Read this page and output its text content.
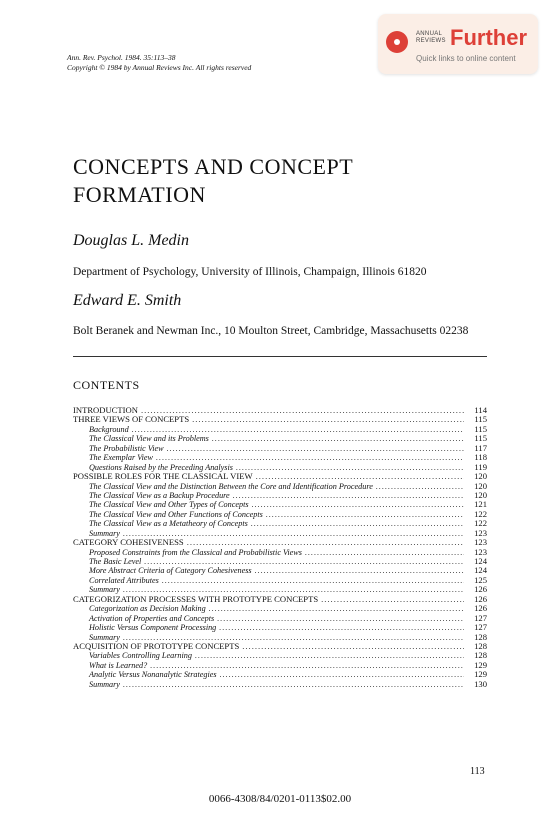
Ann. Rev. Psychol. 1984. 35:113–38
Copyright © 1984 by Annual Reviews Inc. All rights reserved
ANNUAL
REVIEWS Further
Quick links to online content
CONCEPTS AND CONCEPT
FORMATION
Douglas L. Medin
Department of Psychology, University of Illinois, Champaign, Illinois 61820
Edward E. Smith
Bolt Beranek and Newman Inc., 10 Moulton Street, Cambridge, Massachusetts 02238
CONTENTS
INTRODUCTION .....	114
THREE VIEWS OF CONCEPTS .....	115
Background .....	115
The Classical View and its Problems .....	115
The Probabilistic View .....	117
The Exemplar View .....	118
Questions Raised by the Preceding Analysis .....	119
POSSIBLE ROLES FOR THE CLASSICAL VIEW .....	120
The Classical View and the Distinction Between the Core and Identification Procedure .....	120
The Classical View as a Backup Procedure .....	120
The Classical View and Other Types of Concepts .....	121
The Classical View and Other Functions of Concepts .....	122
The Classical View as a Metatheory of Concepts .....	122
Summary .....	123
CATEGORY COHESIVENESS .....	123
Proposed Constraints from the Classical and Probabilistic Views .....	123
The Basic Level .....	124
More Abstract Criteria of Category Cohesiveness .....	124
Correlated Attributes .....	125
Summary .....	126
CATEGORIZATION PROCESSES WITH PROTOTYPE CONCEPTS .....	126
Categorization as Decision Making .....	126
Activation of Properties and Concepts .....	127
Holistic Versus Component Processing .....	127
Summary .....	128
ACQUISITION OF PROTOTYPE CONCEPTS .....	128
Variables Controlling Learning .....	128
What is Learned? .....	129
Analytic Versus Nonanalytic Strategies .....	129
Summary .....	130
113
0066-4308/84/0201-0113$02.00
